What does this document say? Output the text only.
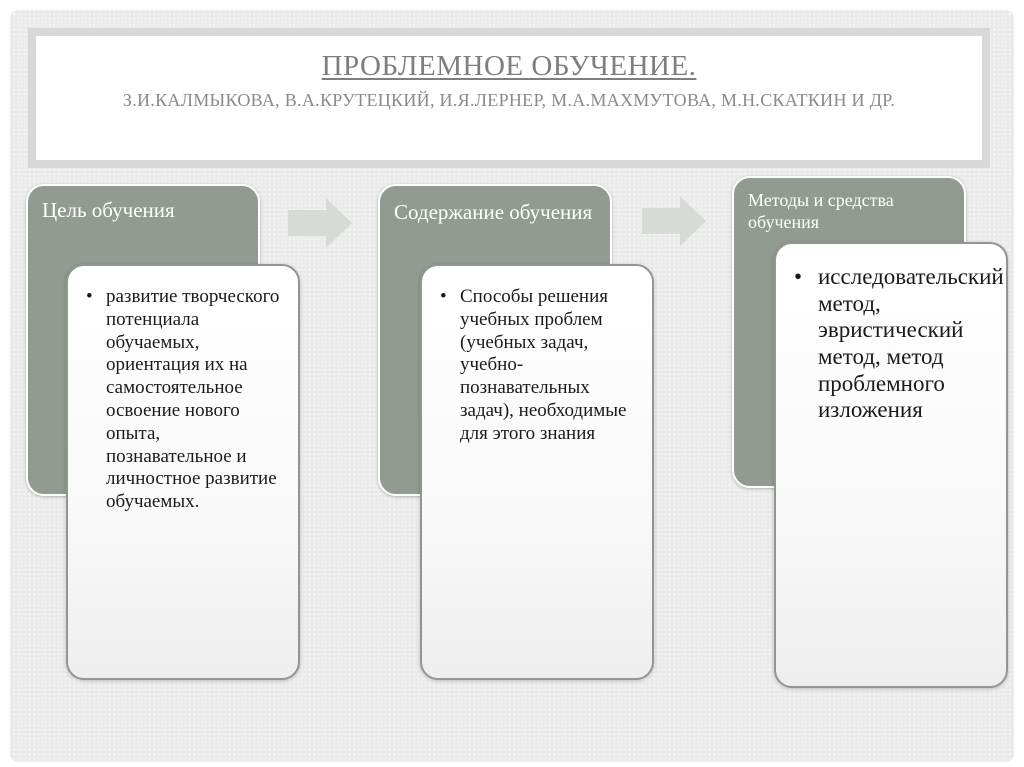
ПРОБЛЕМНОЕ ОБУЧЕНИЕ.
З.И.КАЛМЫКОВА, В.А.КРУТЕЦКИЙ, И.Я.ЛЕРНЕР, М.А.МАХМУТОВА, М.Н.СКАТКИН И ДР.
Цель обучения
• развитие творческого потенциала обучаемых, ориентация их на самостоятельное освоение нового опыта, познавательное и личностное развитие обучаемых.
Содержание обучения
• Способы решения учебных проблем (учебных задач, учебно-познавательных задач), необходимые для этого знания
Методы и средства обучения
• исследовательский метод, эвристический метод, метод проблемного изложения
